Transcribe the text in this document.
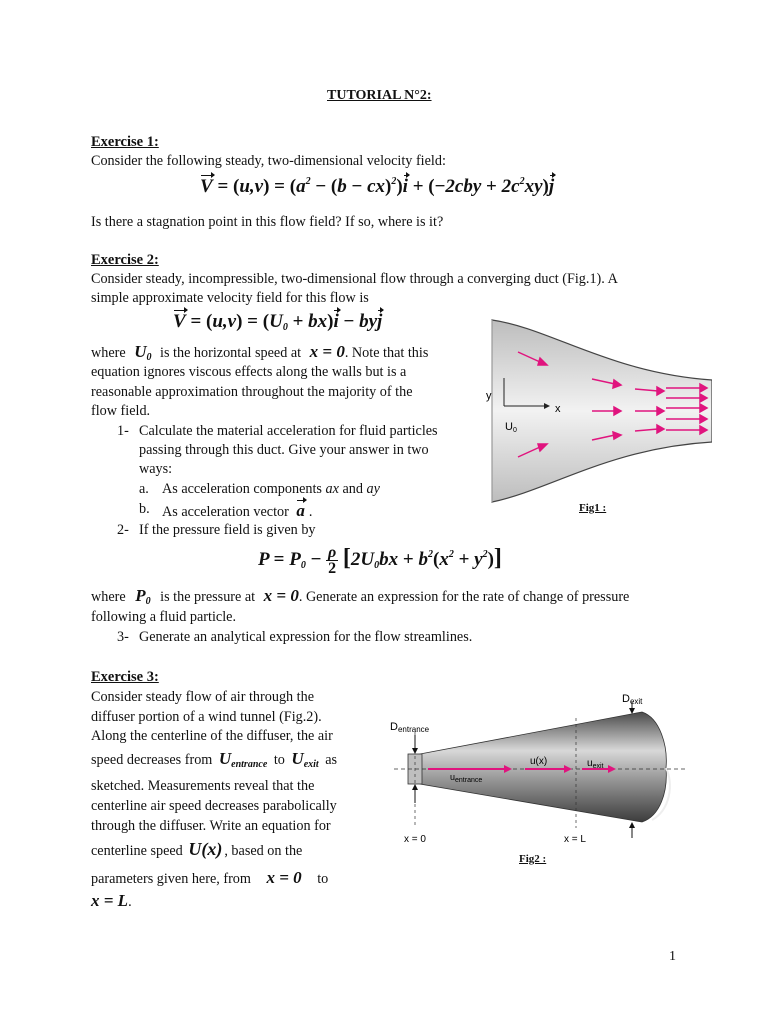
TUTORIAL N°2:
Exercise 1:
Consider the following steady, two-dimensional velocity field:
$V = (u,v) = (a^2 - (b - cx)^2)i + (-2cby + 2c^2xy)j$
Is there a stagnation point in this flow field? If so, where is it?
Exercise 2:
Consider steady, incompressible, two-dimensional flow through a converging duct (Fig.1). A
simple approximate velocity field for this flow is
$V = (u,v) = (U_0 + bx)i$ − byj
where $U_0$ is the horizontal speed at x = 0. Note that this
equation ignores viscous effects along the walls but is a
reasonable approximation throughout the majority of the
flow field.
1- Calculate the material acceleration for fluid particles
passing through this duct. Give your answer in two
ways:
a. As acceleration components ax and ay
b. As acceleration vector a .
2- If the pressure field is given by
$P = P_0 - \rho$
2 $[2U_0bx + b^2(x^2 + y^2)]$
where $P_0$ is the pressure at x = 0. Generate an expression for the rate of change of pressure
following a fluid particle.
3- Generate an analytical expression for the flow streamlines.
y
x
U0
Fig1 :
Exercise 3:
Consider steady flow of air through the
diffuser portion of a wind tunnel (Fig.2).
Along the centerline of the diffuser, the air
speed decreases from $U_{entrance}$ to $U_{exit}$ as
sketched. Measurements reveal that the
centerline air speed decreases parabolically
through the diffuser. Write an equation for
centerline speed U(x) , based on the
parameters given here, from x = 0 to
x = L.
Dexit
Dentrance
u(x)	$u_{exit}$
$u_{entrance}$
x = 0	x = L
Fig2 :
1
